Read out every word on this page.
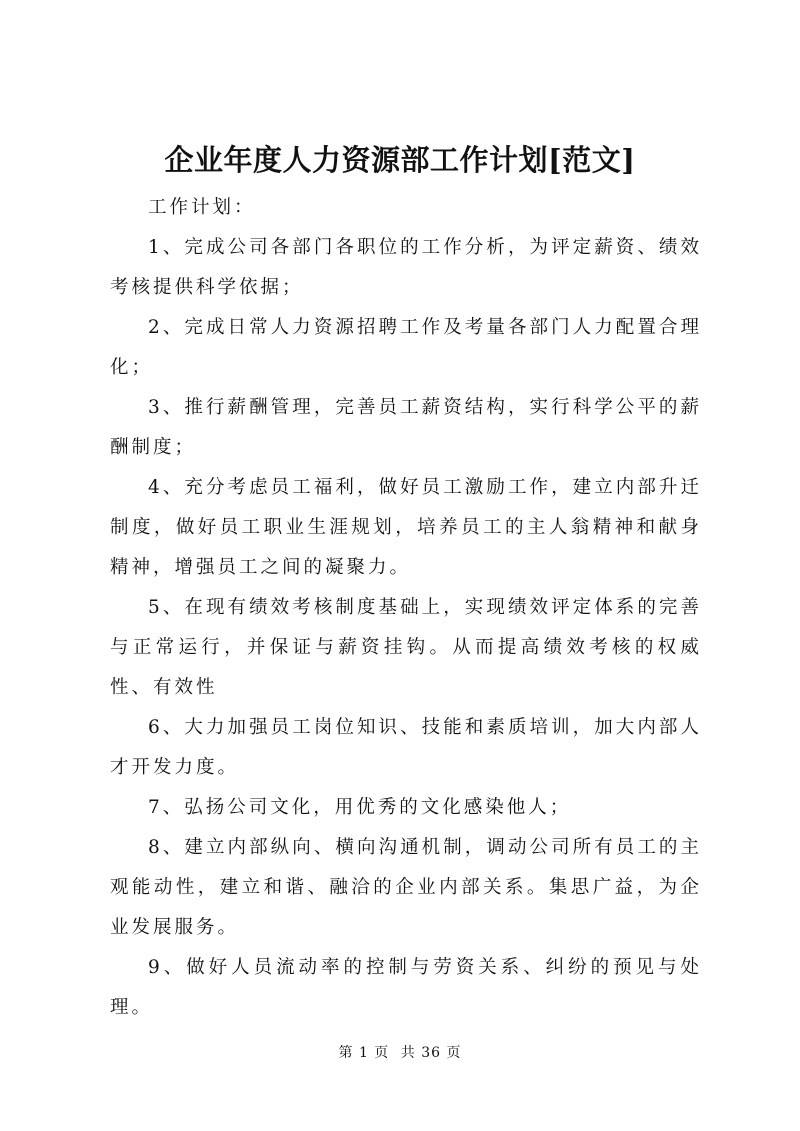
企业年度人力资源部工作计划[范文]

工作计划：

1、完成公司各部门各职位的工作分析，为评定薪资、绩效考核提供科学依据；

2、完成日常人力资源招聘工作及考量各部门人力配置合理化；

3、推行薪酬管理，完善员工薪资结构，实行科学公平的薪酬制度；

4、充分考虑员工福利，做好员工激励工作，建立内部升迁制度，做好员工职业生涯规划，培养员工的主人翁精神和献身精神，增强员工之间的凝聚力。

5、在现有绩效考核制度基础上，实现绩效评定体系的完善与正常运行，并保证与薪资挂钩。从而提高绩效考核的权威性、有效性

6、大力加强员工岗位知识、技能和素质培训，加大内部人才开发力度。

7、弘扬公司文化，用优秀的文化感染他人；

8、建立内部纵向、横向沟通机制，调动公司所有员工的主观能动性，建立和谐、融洽的企业内部关系。集思广益，为企业发展服务。

9、做好人员流动率的控制与劳资关系、纠纷的预见与处理。

第 1 页 共 36 页
